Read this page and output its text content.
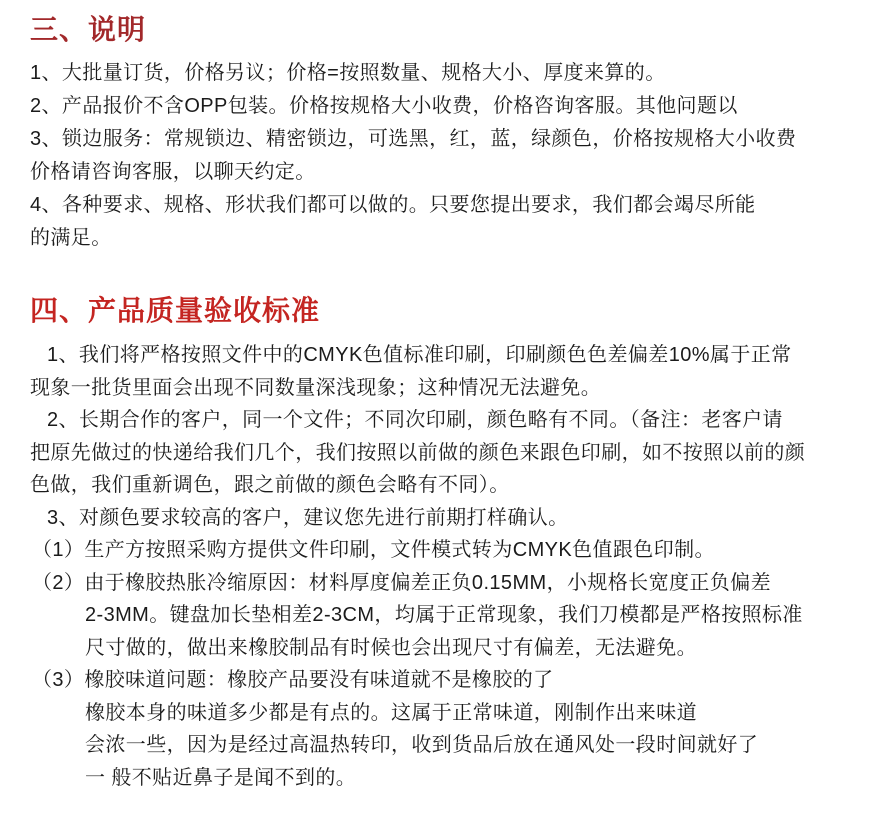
三、说明
1、大批量订货，价格另议；价格=按照数量、规格大小、厚度来算的。
2、产品报价不含OPP包装。价格按规格大小收费，价格咨询客服。其他问题以
3、锁边服务：常规锁边、精密锁边，可选黑，红，蓝，绿颜色，价格按规格大小收费
价格请咨询客服，以聊天约定。
4、各种要求、规格、形状我们都可以做的。只要您提出要求，我们都会竭尽所能
的满足。
四、产品质量验收标准
1、我们将严格按照文件中的CMYK色值标准印刷，印刷颜色色差偏差10%属于正常
现象一批货里面会出现不同数量深浅现象；这种情况无法避免。
2、长期合作的客户，同一个文件；不同次印刷，颜色略有不同。（备注：老客户请
把原先做过的快递给我们几个，我们按照以前做的颜色来跟色印刷，如不按照以前的颜
色做，我们重新调色，跟之前做的颜色会略有不同）。
3、对颜色要求较高的客户，建议您先进行前期打样确认。
（1）生产方按照采购方提供文件印刷，文件模式转为CMYK色值跟色印制。
（2）由于橡胶热胀冷缩原因：材料厚度偏差正负0.15MM，小规格长宽度正负偏差
2-3MM。键盘加长垫相差2-3CM，均属于正常现象，我们刀模都是严格按照标准
尺寸做的，做出来橡胶制品有时候也会出现尺寸有偏差，无法避免。
（3）橡胶味道问题：橡胶产品要没有味道就不是橡胶的了
橡胶本身的味道多少都是有点的。这属于正常味道，刚制作出来味道
会浓一些，因为是经过高温热转印，收到货品后放在通风处一段时间就好了
一 般不贴近鼻子是闻不到的。
